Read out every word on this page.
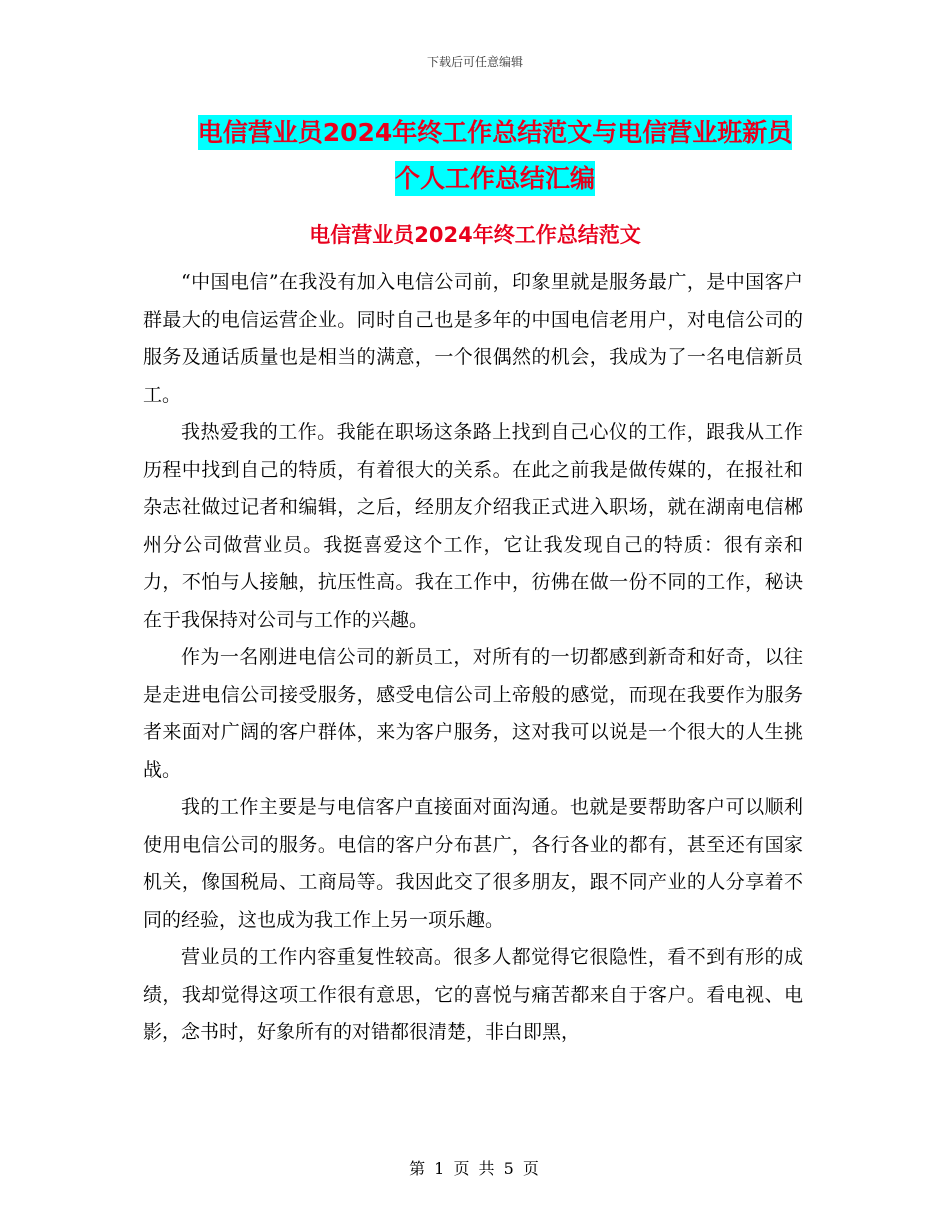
下载后可任意编辑
电信营业员2024年终工作总结范文与电信营业班新员
个人工作总结汇编
电信营业员2024年终工作总结范文

“中国电信”在我没有加入电信公司前，印象里就是服务最广，是中国客户群最大的电信运营企业。同时自己也是多年的中国电信老用户，对电信公司的服务及通话质量也是相当的满意，一个很偶然的机会，我成为了一名电信新员工。

我热爱我的工作。我能在职场这条路上找到自己心仪的工作，跟我从工作历程中找到自己的特质，有着很大的关系。在此之前我是做传媒的，在报社和杂志社做过记者和编辑，之后，经朋友介绍我正式进入职场，就在湖南电信郴州分公司做营业员。我挺喜爱这个工作，它让我发现自己的特质：很有亲和力，不怕与人接触，抗压性高。我在工作中，彷佛在做一份不同的工作，秘诀在于我保持对公司与工作的兴趣。

作为一名刚进电信公司的新员工，对所有的一切都感到新奇和好奇，以往是走进电信公司接受服务，感受电信公司上帝般的感觉，而现在我要作为服务者来面对广阔的客户群体，来为客户服务，这对我可以说是一个很大的人生挑战。

我的工作主要是与电信客户直接面对面沟通。也就是要帮助客户可以顺利使用电信公司的服务。电信的客户分布甚广，各行各业的都有，甚至还有国家机关，像国税局、工商局等。我因此交了很多朋友，跟不同产业的人分享着不同的经验，这也成为我工作上另一项乐趣。

营业员的工作内容重复性较高。很多人都觉得它很隐性，看不到有形的成绩，我却觉得这项工作很有意思，它的喜悦与痛苦都来自于客户。看电视、电影，念书时，好象所有的对错都很清楚，非白即黑，

第 1 页 共 5 页
